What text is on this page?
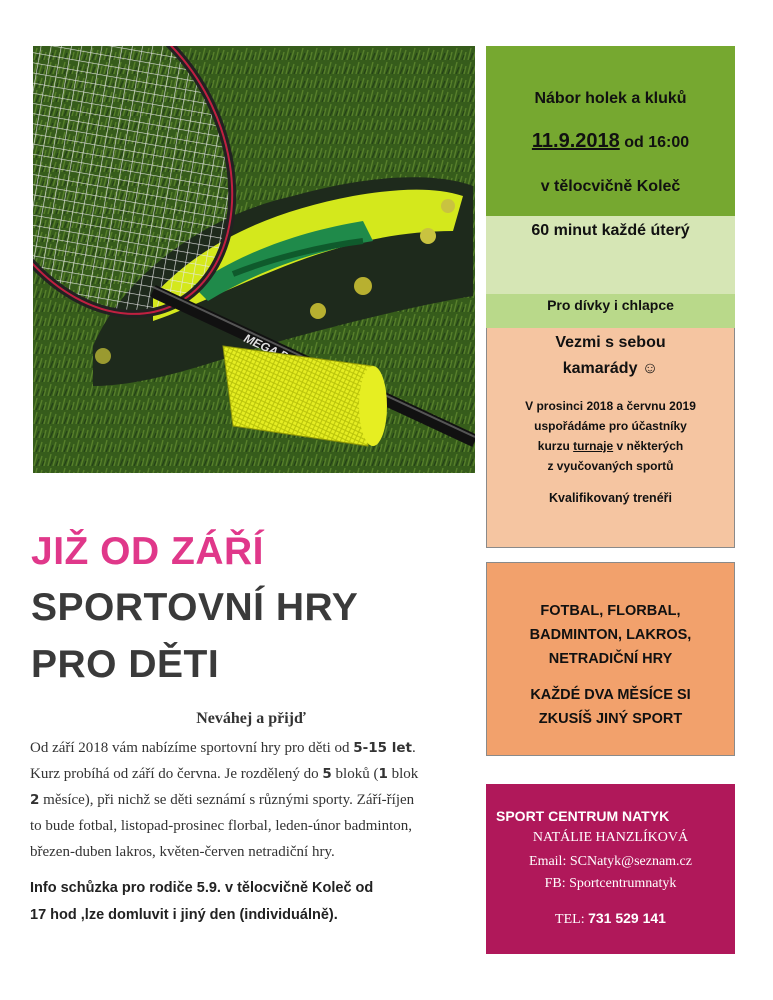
Nábor holek a kluků
11.9.2018 od 16:00
v tělocvičně Koleč
60 minut každé úterý
Pro dívky i chlapce
Vezmi s sebou
kamarády ☺
V prosinci 2018 a červnu 2019
uspořádáme pro účastníky
kurzu turnaje v některých
z vyučovaných sportů
Kvalifikovaný trenéři
FOTBAL, FLORBAL,
BADMINTON, LAKROS,
NETRADIČNÍ HRY
KAŽDÉ DVA MĚSÍCE SI
ZKUSÍŠ JINÝ SPORT
SPORT CENTRUM NATYK
NATÁLIE HANZLÍKOVÁ
Email: SCNatyk@seznam.cz
FB: Sportcentrumnatyk
TEL: 731 529 141
JIŽ OD ZÁŘÍ
SPORTOVNÍ HRY
PRO DĚTI
Neváhej a přijď
Od září 2018 vám nabízíme sportovní hry pro děti od 5-15 let.
Kurz probíhá od září do června. Je rozdělený do 5 bloků (1 blok
2 měsíce), při nichž se děti seznámí s různými sporty. Září-říjen
to bude fotbal, listopad-prosinec florbal, leden-únor badminton,
březen-duben lakros, květen-červen netradiční hry.
Info schůzka pro rodiče 5.9. v tělocvičně Koleč od
17 hod ,lze domluvit i jiný den (individuálně).
